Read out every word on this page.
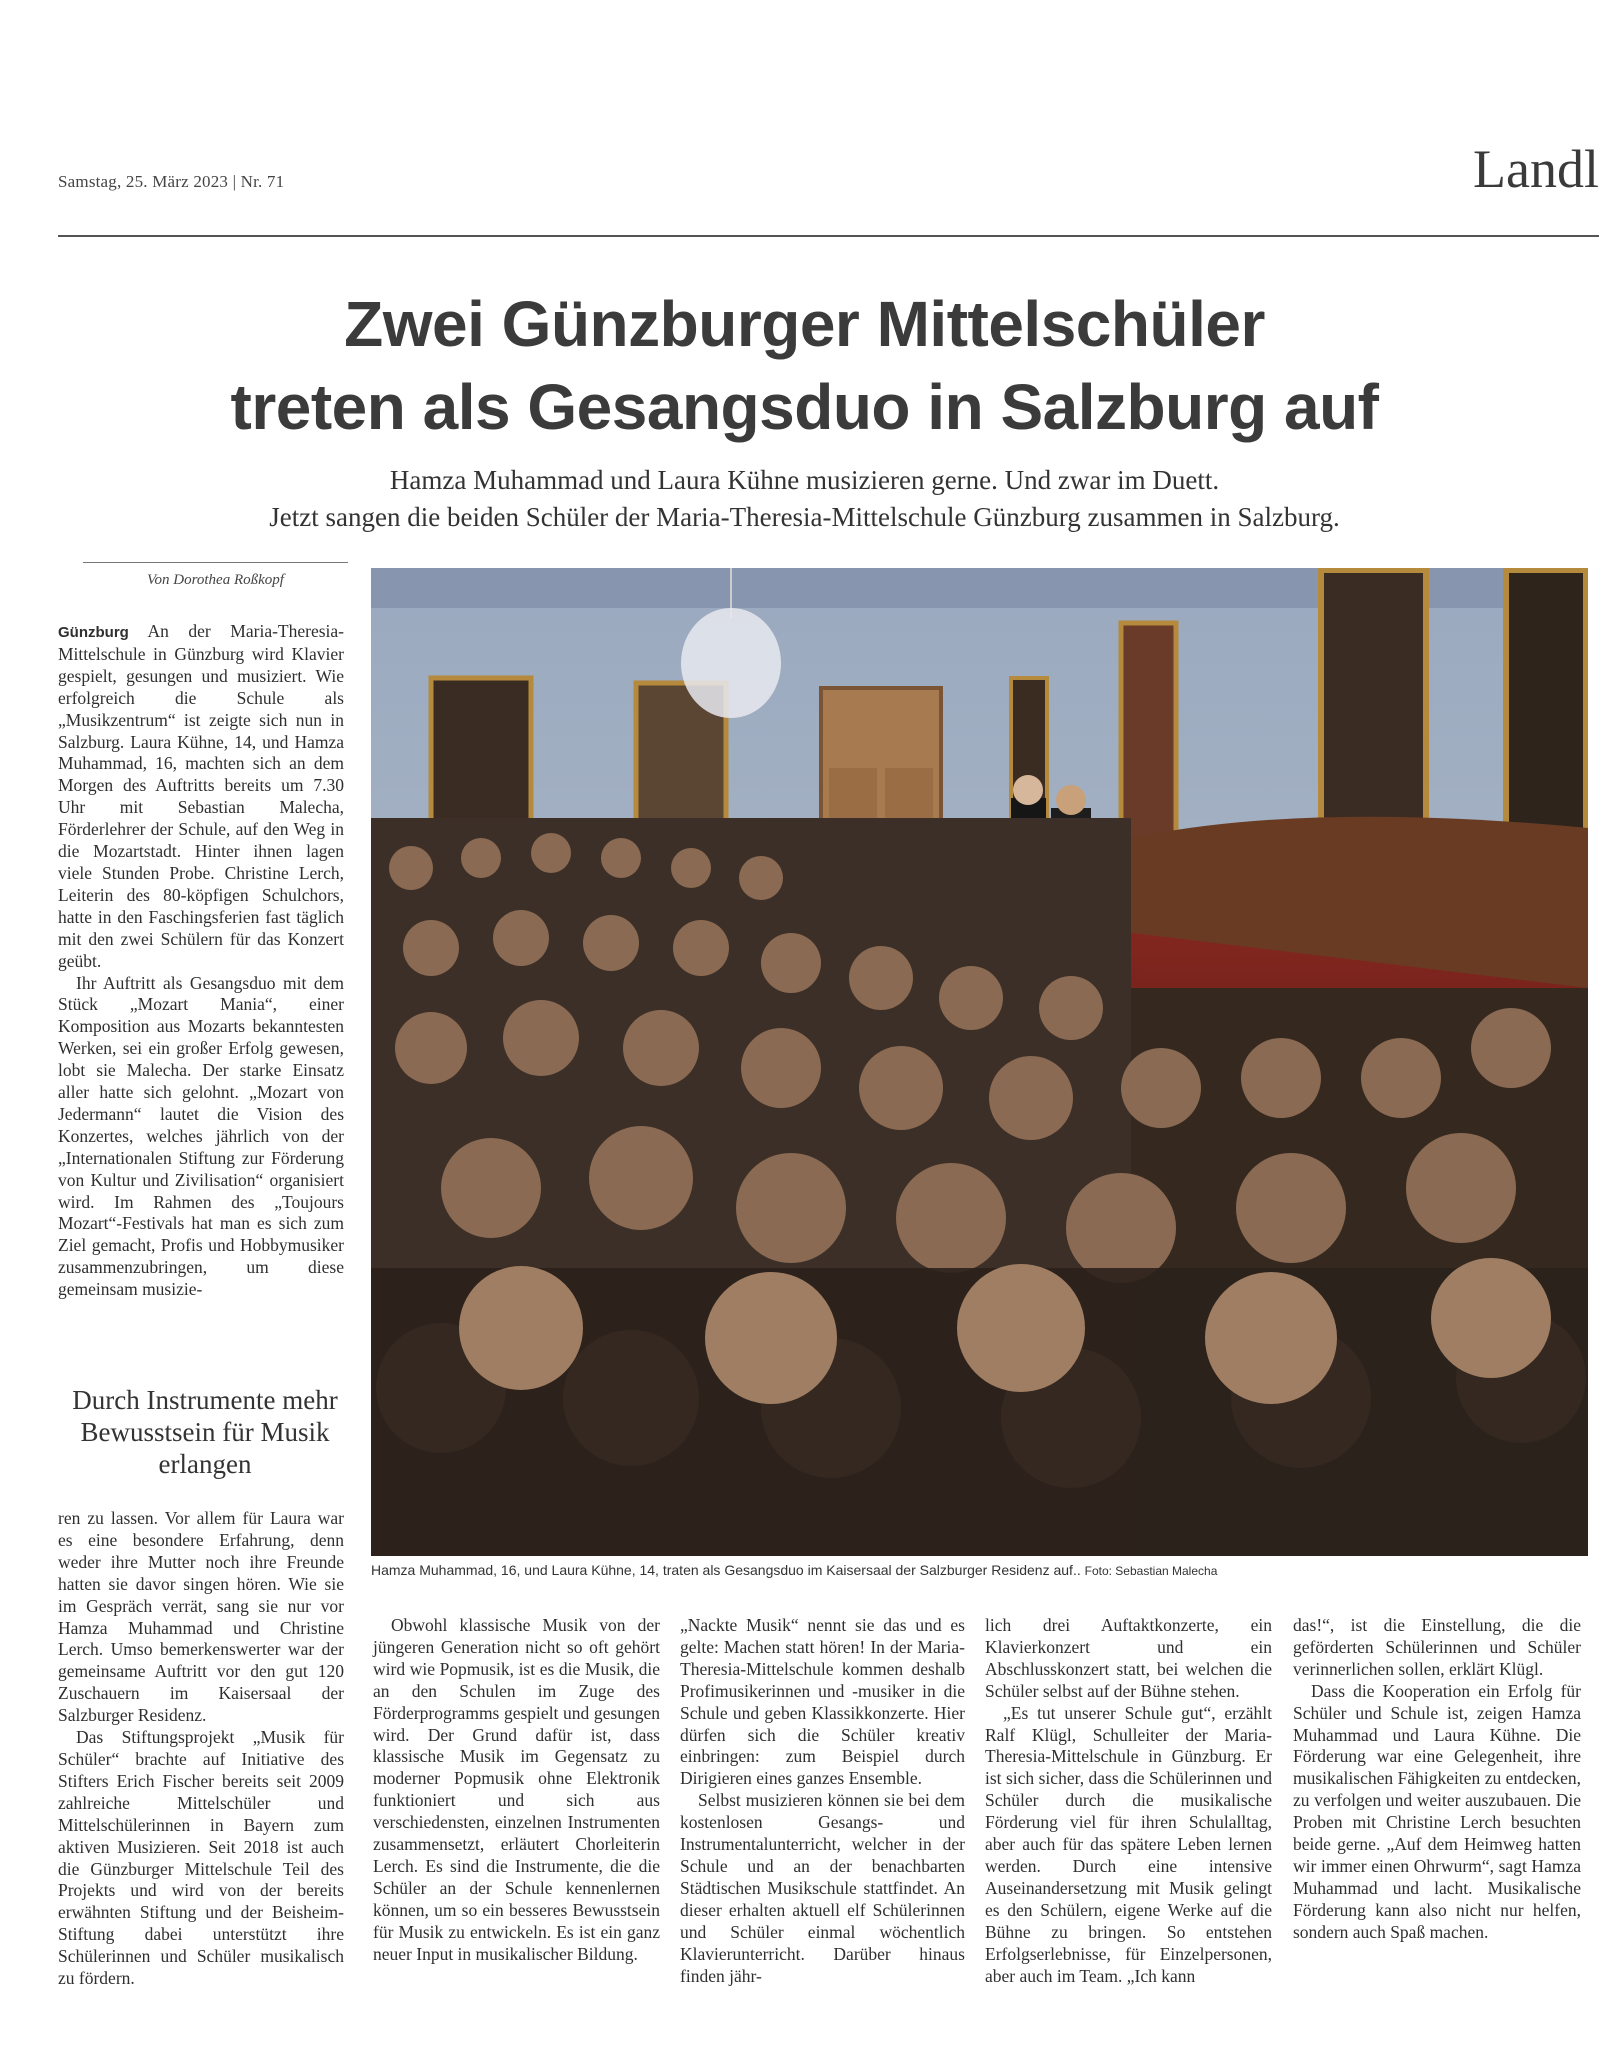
Samstag, 25. März 2023 | Nr. 71	Landl
Zwei Günzburger Mittelschüler
treten als Gesangsduo in Salzburg auf
Hamza Muhammad und Laura Kühne musizieren gerne. Und zwar im Duett.
Jetzt sangen die beiden Schüler der Maria-Theresia-Mittelschule Günzburg zusammen in Salzburg.
Von Dorothea Roßkopf

Günzburg An der Maria-Theresia-Mittelschule in Günzburg wird Klavier gespielt, gesungen und musiziert. Wie erfolgreich die Schule als „Musikzentrum“ ist zeigte sich nun in Salzburg. Laura Kühne, 14, und Hamza Muhammad, 16, machten sich an dem Morgen des Auftritts bereits um 7.30 Uhr mit Sebastian Malecha, Förderlehrer der Schule, auf den Weg in die Mozartstadt. Hinter ihnen lagen viele Stunden Probe. Christine Lerch, Leiterin des 80-köpfigen Schulchors, hatte in den Faschingsferien fast täglich mit den zwei Schülern für das Konzert geübt.

Ihr Auftritt als Gesangsduo mit dem Stück „Mozart Mania“, einer Komposition aus Mozarts bekanntesten Werken, sei ein großer Erfolg gewesen, lobt sie Malecha. Der starke Einsatz aller hatte sich gelohnt. „Mozart von Jedermann“ lautet die Vision des Konzertes, welches jährlich von der „Internationalen Stiftung zur Förderung von Kultur und Zivilisation“ organisiert wird. Im Rahmen des „Toujours Mozart“-Festivals hat man es sich zum Ziel gemacht, Profis und Hobbymusiker zusammenzubringen, um diese gemeinsam musizie-

Durch Instrumente mehr Bewusstsein für Musik erlangen

ren zu lassen. Vor allem für Laura war es eine besondere Erfahrung, denn weder ihre Mutter noch ihre Freunde hatten sie davor singen hören. Wie sie im Gespräch verrät, sang sie nur vor Hamza Muhammad und Christine Lerch. Umso bemerkenswerter war der gemeinsame Auftritt vor den gut 120 Zuschauern im Kaisersaal der Salzburger Residenz.

Das Stiftungsprojekt „Musik für Schüler“ brachte auf Initiative des Stifters Erich Fischer bereits seit 2009 zahlreiche Mittelschüler und Mittelschülerinnen in Bayern zum aktiven Musizieren. Seit 2018 ist auch die Günzburger Mittelschule Teil des Projekts und wird von der bereits erwähnten Stiftung und der Beisheim-Stiftung dabei unterstützt ihre Schülerinnen und Schüler musikalisch zu fördern.

Hamza Muhammad, 16, und Laura Kühne, 14, traten als Gesangsduo im Kaisersaal der Salzburger Residenz auf.. Foto: Sebastian Malecha

Obwohl klassische Musik von der jüngeren Generation nicht so oft gehört wird wie Popmusik, ist es die Musik, die an den Schulen im Zuge des Förderprogramms gespielt und gesungen wird. Der Grund dafür ist, dass klassische Musik im Gegensatz zu moderner Popmusik ohne Elektronik funktioniert und sich aus verschiedensten, einzelnen Instrumenten zusammensetzt, erläutert Chorleiterin Lerch. Es sind die Instrumente, die die Schüler an der Schule kennenlernen können, um so ein besseres Bewusstsein für Musik zu entwickeln. Es ist ein ganz neuer Input in musikalischer Bildung.

„Nackte Musik“ nennt sie das und es gelte: Machen statt hören! In der Maria-Theresia-Mittelschule kommen deshalb Profimusikerinnen und -musiker in die Schule und geben Klassikkonzerte. Hier dürfen sich die Schüler kreativ einbringen: zum Beispiel durch Dirigieren eines ganzes Ensemble.

Selbst musizieren können sie bei dem kostenlosen Gesangs- und Instrumentalunterricht, welcher in der Schule und an der benachbarten Städtischen Musikschule stattfindet. An dieser erhalten aktuell elf Schülerinnen und Schüler einmal wöchentlich Klavierunterricht. Darüber hinaus finden jähr-

lich drei Auftaktkonzerte, ein Klavierkonzert und ein Abschlusskonzert statt, bei welchen die Schüler selbst auf der Bühne stehen.

„Es tut unserer Schule gut“, erzählt Ralf Klügl, Schulleiter der Maria-Theresia-Mittelschule in Günzburg. Er ist sich sicher, dass die Schülerinnen und Schüler durch die musikalische Förderung viel für ihren Schulalltag, aber auch für das spätere Leben lernen werden. Durch eine intensive Auseinandersetzung mit Musik gelingt es den Schülern, eigene Werke auf die Bühne zu bringen. So entstehen Erfolgserlebnisse, für Einzelpersonen, aber auch im Team. „Ich kann

das!“, ist die Einstellung, die die geförderten Schülerinnen und Schüler verinnerlichen sollen, erklärt Klügl.

Dass die Kooperation ein Erfolg für Schüler und Schule ist, zeigen Hamza Muhammad und Laura Kühne. Die Förderung war eine Gelegenheit, ihre musikalischen Fähigkeiten zu entdecken, zu verfolgen und weiter auszubauen. Die Proben mit Christine Lerch besuchten beide gerne. „Auf dem Heimweg hatten wir immer einen Ohrwurm“, sagt Hamza Muhammad und lacht. Musikalische Förderung kann also nicht nur helfen, sondern auch Spaß machen.
